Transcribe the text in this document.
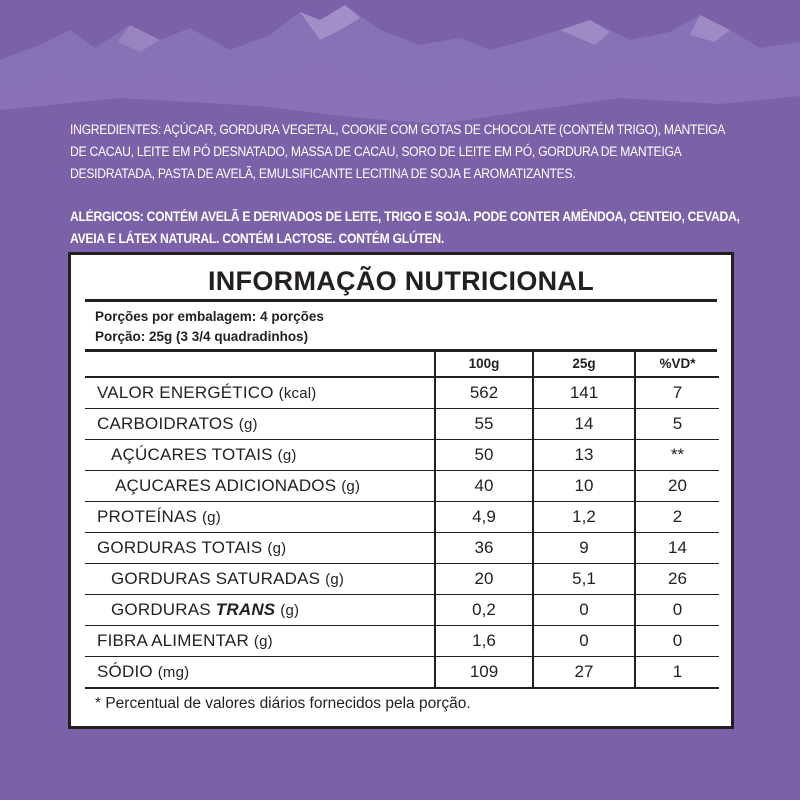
INGREDIENTES: AÇÚCAR, GORDURA VEGETAL, COOKIE COM GOTAS DE CHOCOLATE (CONTÉM TRIGO), MANTEIGA DE CACAU, LEITE EM PÓ DESNATADO, MASSA DE CACAU, SORO DE LEITE EM PÓ, GORDURA DE MANTEIGA DESIDRATADA, PASTA DE AVELÃ, EMULSIFICANTE LECITINA DE SOJA E AROMATIZANTES.
ALÉRGICOS: CONTÉM AVELÃ E DERIVADOS DE LEITE, TRIGO E SOJA. PODE CONTER AMÊNDOA, CENTEIO, CEVADA, AVEIA E LÁTEX NATURAL. CONTÉM LACTOSE. CONTÉM GLÚTEN.
INFORMAÇÃO NUTRICIONAL
Porções por embalagem: 4 porções
Porção: 25g (3 3/4 quadradinhos)
	100g	25g	%VD*
VALOR ENERGÉTICO (kcal)	562	141	7
CARBOIDRATOS (g)	55	14	5
AÇÚCARES TOTAIS (g)	50	13	**
AÇUCARES ADICIONADOS (g)	40	10	20
PROTEÍNAS (g)	4,9	1,2	2
GORDURAS TOTAIS (g)	36	9	14
GORDURAS SATURADAS (g)	20	5,1	26
GORDURAS TRANS (g)	0,2	0	0
FIBRA ALIMENTAR (g)	1,6	0	0
SÓDIO (mg)	109	27	1
* Percentual de valores diários fornecidos pela porção.
